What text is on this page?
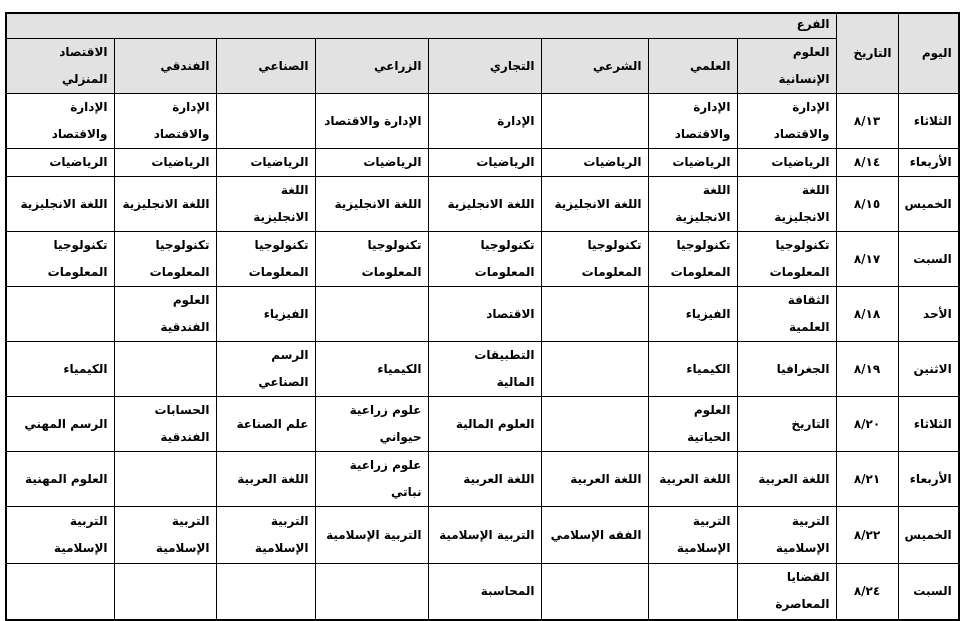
اليوم	التاريخ	الفرع							
		العلوم الإنسانية	العلمي	الشرعي	التجاري	الزراعي	الصناعي	الفندقي	الاقتصاد المنزلي
الثلاثاء	٨/١٣	الإدارة والاقتصاد	الإدارة والاقتصاد		الإدارة	الإدارة والاقتصاد		الإدارة والاقتصاد	الإدارة والاقتصاد
الأربعاء	٨/١٤	الرياضيات	الرياضيات	الرياضيات	الرياضيات	الرياضيات	الرياضيات	الرياضيات	الرياضيات
الخميس	٨/١٥	اللغة الانجليزية	اللغة الانجليزية	اللغة الانجليزية	اللغة الانجليزية	اللغة الانجليزية	اللغة الانجليزية	اللغة الانجليزية	اللغة الانجليزية
السبت	٨/١٧	تكنولوجيا المعلومات	تكنولوجيا المعلومات	تكنولوجيا المعلومات	تكنولوجيا المعلومات	تكنولوجيا المعلومات	تكنولوجيا المعلومات	تكنولوجيا المعلومات	تكنولوجيا المعلومات
الأحد	٨/١٨	الثقافة العلمية	الفيزياء		الاقتصاد		الفيزياء	العلوم الفندقية	
الاثنين	٨/١٩	الجغرافيا	الكيمياء		التطبيقات المالية	الكيمياء	الرسم الصناعي		الكيمياء
الثلاثاء	٨/٢٠	التاريخ	العلوم الحياتية		العلوم المالية	علوم زراعية حيواني	علم الصناعة	الحسابات الفندقية	الرسم المهني
الأربعاء	٨/٢١	اللغة العربية	اللغة العربية	اللغة العربية	اللغة العربية	علوم زراعية نباتي	اللغة العربية		العلوم المهنية
الخميس	٨/٢٢	التربية الإسلامية	التربية الإسلامية	الفقه الإسلامي	التربية الإسلامية	التربية الإسلامية	التربية الإسلامية	التربية الإسلامية	التربية الإسلامية
السبت	٨/٢٤	القضايا المعاصرة			المحاسبة				
